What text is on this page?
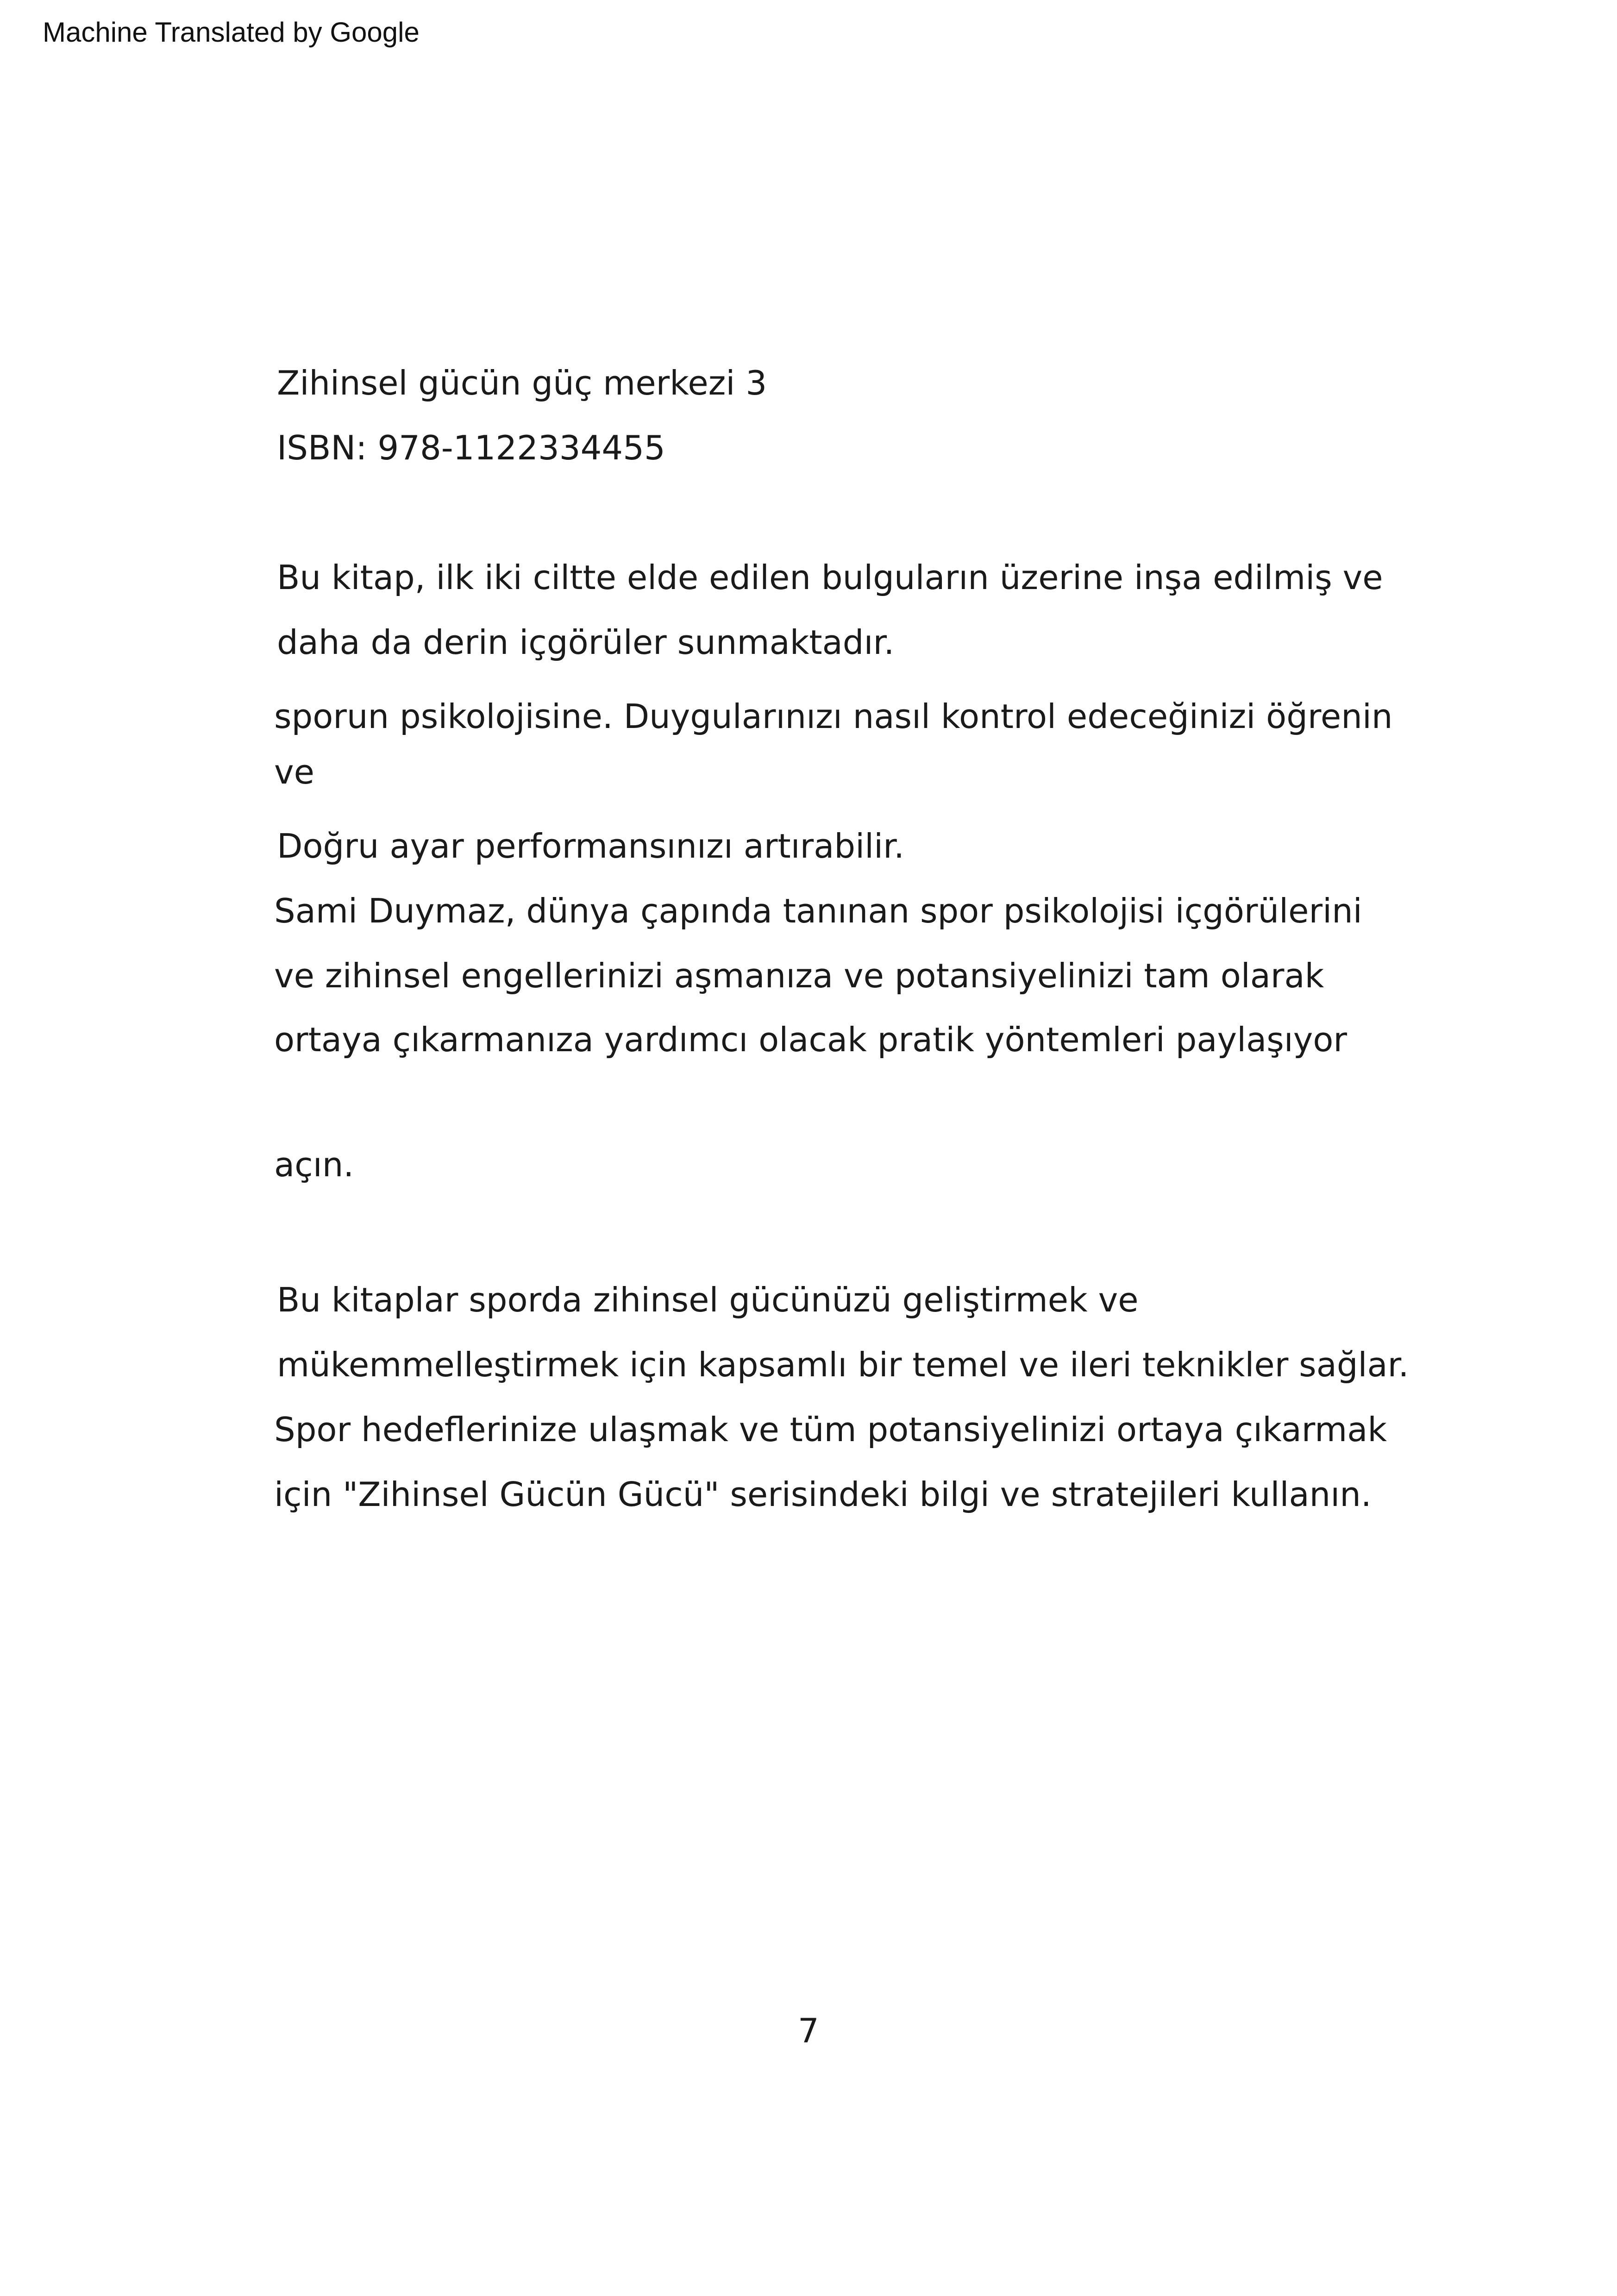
Machine Translated by Google
Zihinsel gücün güç merkezi 3
ISBN: 978-1122334455
Bu kitap, ilk iki ciltte elde edilen bulguların üzerine inşa edilmiş ve
daha da derin içgörüler sunmaktadır.
sporun psikolojisine. Duygularınızı nasıl kontrol edeceğinizi öğrenin
ve
Doğru ayar performansınızı artırabilir.
Sami Duymaz, dünya çapında tanınan spor psikolojisi içgörülerini
ve zihinsel engellerinizi aşmanıza ve potansiyelinizi tam olarak
ortaya çıkarmanıza yardımcı olacak pratik yöntemleri paylaşıyor
açın.
Bu kitaplar sporda zihinsel gücünüzü geliştirmek ve
mükemmelleştirmek için kapsamlı bir temel ve ileri teknikler sağlar.
Spor hedeflerinize ulaşmak ve tüm potansiyelinizi ortaya çıkarmak
için "Zihinsel Gücün Gücü" serisindeki bilgi ve stratejileri kullanın.
7
